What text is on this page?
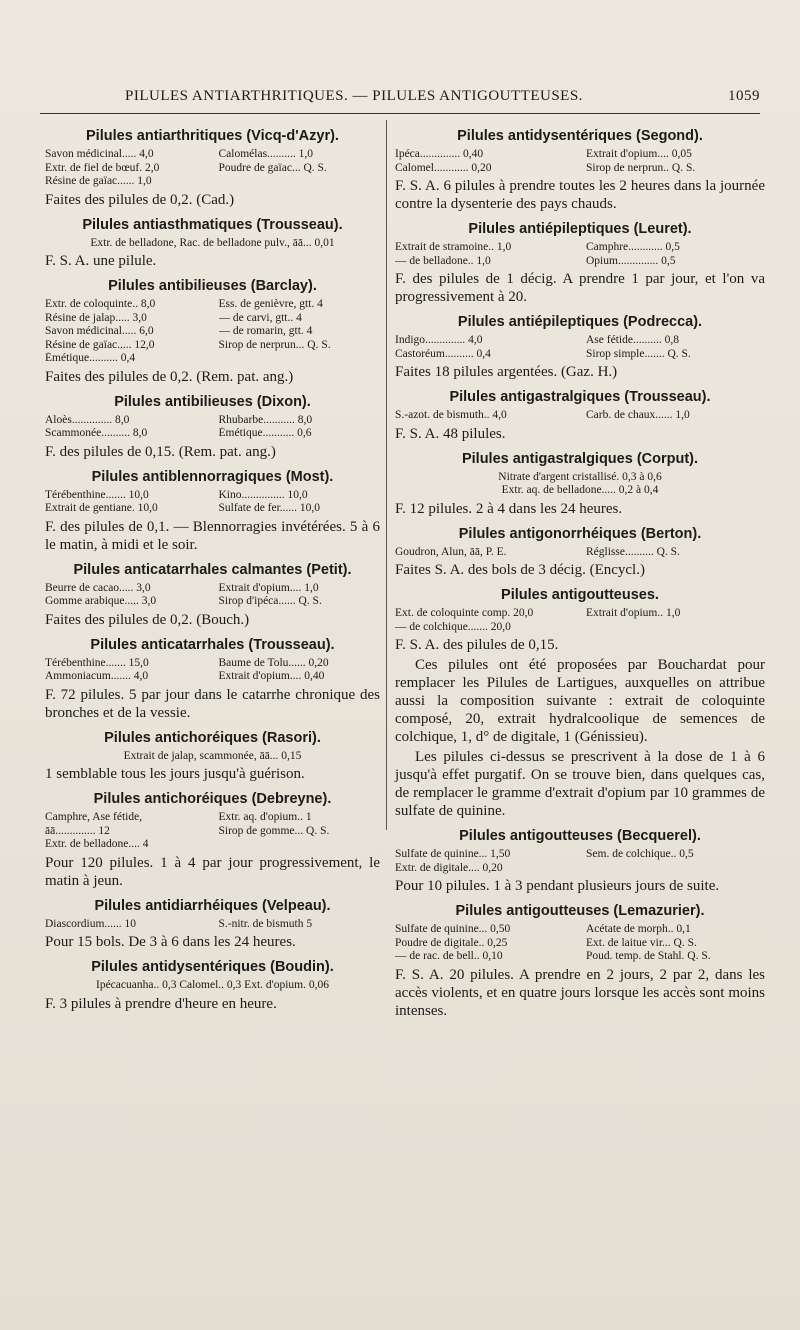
PILULES ANTIARTHRITIQUES. — PILULES ANTIGOUTTEUSES.	1059
Pilules antiarthritiques (Vicq-d'Azyr).
Savon médicinal..... 4,0	Calomélas.......... 1,0
Extr. de fiel de bœuf. 2,0	Poudre de gaïac... Q. S.
Résine de gaïac...... 1,0

Faites des pilules de 0,2. (Cad.)

Pilules antiasthmatiques (Trousseau).
Extr. de belladone, Rac. de belladone pulv., āā... 0,01

F. S. A. une pilule.

Pilules antibilieuses (Barclay).
Extr. de coloquinte.. 8,0	Ess. de genièvre, gtt. 4
Résine de jalap..... 3,0	— de carvi, gtt.. 4
Savon médicinal..... 6,0	— de romarin, gtt. 4
Résine de gaïac..... 12,0	Sirop de nerprun... Q. S.
Émétique.......... 0,4

Faites des pilules de 0,2. (Rem. pat. ang.)

Pilules antibilieuses (Dixon).
Aloès.............. 8,0	Rhubarbe........... 8,0
Scammonée.......... 8,0	Émétique........... 0,6

F. des pilules de 0,15. (Rem. pat. ang.)

Pilules antiblennorragiques (Most).
Térébenthine....... 10,0	Kino............... 10,0
Extrait de gentiane. 10,0	Sulfate de fer...... 10,0

F. des pilules de 0,1. — Blennorragies invétérées. 5 à 6 le matin, à midi et le soir.

Pilules anticatarrhales calmantes (Petit).
Beurre de cacao..... 3,0	Extrait d'opium.... 1,0
Gomme arabique..... 3,0	Sirop d'ipéca...... Q. S.

Faites des pilules de 0,2. (Bouch.)

Pilules anticatarrhales (Trousseau).
Térébenthine....... 15,0	Baume de Tolu...... 0,20
Ammoniacum....... 4,0	Extrait d'opium.... 0,40

F. 72 pilules. 5 par jour dans le catarrhe chronique des bronches et de la vessie.

Pilules antichoréiques (Rasori).
Extrait de jalap, scammonée, āā... 0,15

1 semblable tous les jours jusqu'à guérison.

Pilules antichoréiques (Debreyne).
Camphre, Ase fétide,	Extr. aq. d'opium.. 1
āā.............. 12	Sirop de gomme... Q. S.
Extr. de belladone.... 4

Pour 120 pilules. 1 à 4 par jour progressivement, le matin à jeun.

Pilules antidiarrhéiques (Velpeau).
Diascordium...... 10	S.-nitr. de bismuth 5

Pour 15 bols. De 3 à 6 dans les 24 heures.

Pilules antidysentériques (Boudin).
Ipécacuanha.. 0,3 Calomel.. 0,3 Ext. d'opium. 0,06

F. 3 pilules à prendre d'heure en heure.

Pilules antidysentériques (Segond).
Ipéca.............. 0,40	Extrait d'opium.... 0,05
Calomel............ 0,20	Sirop de nerprun.. Q. S.

F. S. A. 6 pilules à prendre toutes les 2 heures dans la journée contre la dysenterie des pays chauds.

Pilules antiépileptiques (Leuret).
Extrait de stramoine.. 1,0	Camphre............ 0,5
— de belladone.. 1,0	Opium.............. 0,5

F. des pilules de 1 décig. A prendre 1 par jour, et l'on va progressivement à 20.

Pilules antiépileptiques (Podrecca).
Indigo.............. 4,0	Ase fétide.......... 0,8
Castoréum.......... 0,4	Sirop simple....... Q. S.

Faites 18 pilules argentées. (Gaz. H.)

Pilules antigastralgiques (Trousseau).
S.-azot. de bismuth.. 4,0	Carb. de chaux...... 1,0

F. S. A. 48 pilules.

Pilules antigastralgiques (Corput).
Nitrate d'argent cristallisé. 0,3 à 0,6
Extr. aq. de belladone..... 0,2 à 0,4

F. 12 pilules. 2 à 4 dans les 24 heures.

Pilules antigonorrhéiques (Berton).
Goudron, Alun, āā, P. E.	Réglisse.......... Q. S.

Faites S. A. des bols de 3 décig. (Encycl.)

Pilules antigoutteuses.
Ext. de coloquinte comp. 20,0	Extrait d'opium.. 1,0
— de colchique....... 20,0

F. S. A. des pilules de 0,15.

Ces pilules ont été proposées par Bouchardat pour remplacer les Pilules de Lartigues, auxquelles on attribue aussi la composition suivante : extrait de coloquinte composé, 20, extrait hydralcoolique de semences de colchique, 1, d° de digitale, 1 (Génissieu).

Les pilules ci-dessus se prescrivent à la dose de 1 à 6 jusqu'à effet purgatif. On se trouve bien, dans quelques cas, de remplacer le gramme d'extrait d'opium par 10 grammes de sulfate de quinine.

Pilules antigoutteuses (Becquerel).
Sulfate de quinine... 1,50	Sem. de colchique.. 0,5
Extr. de digitale.... 0,20

Pour 10 pilules. 1 à 3 pendant plusieurs jours de suite.

Pilules antigoutteuses (Lemazurier).
Sulfate de quinine... 0,50	Acétate de morph.. 0,1
Poudre de digitale.. 0,25	Ext. de laitue vir... Q. S.
— de rac. de bell.. 0,10	Poud. temp. de Stahl. Q. S.

F. S. A. 20 pilules. A prendre en 2 jours, 2 par 2, dans les accès violents, et en quatre jours lorsque les accès sont moins intenses.
